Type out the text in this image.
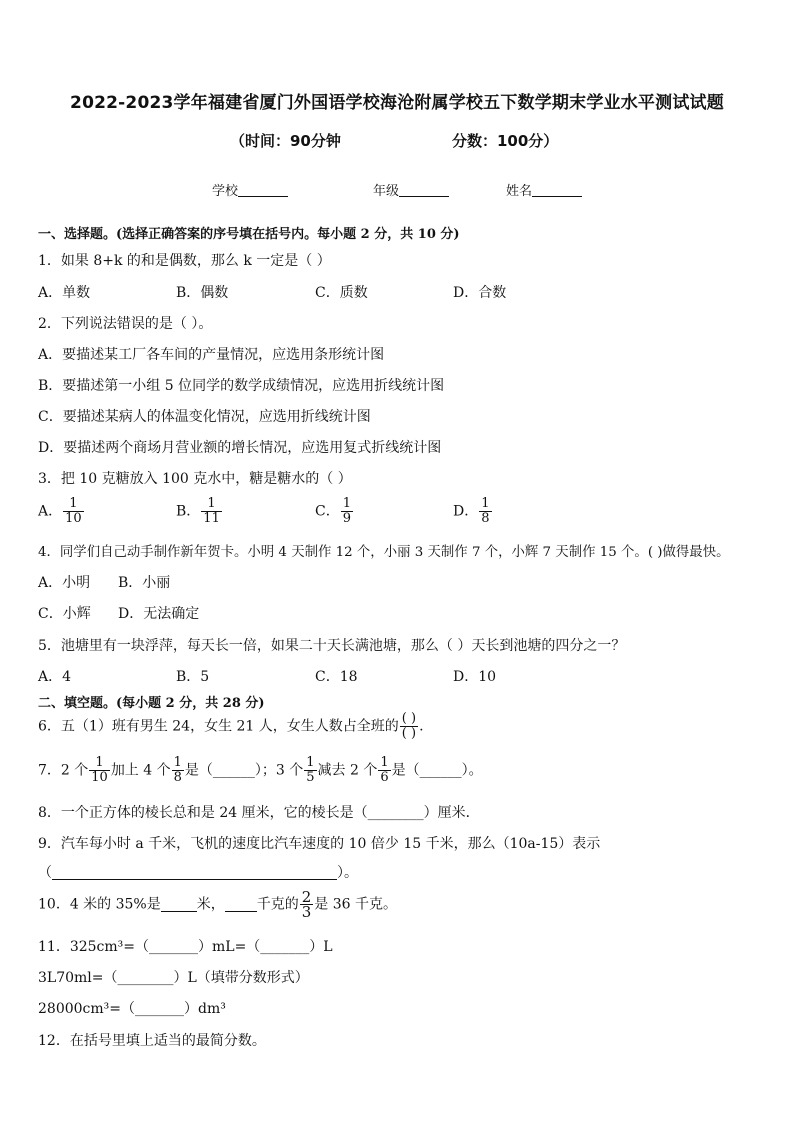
2022-2023学年福建省厦门外国语学校海沧附属学校五下数学期末学业水平测试试题
（时间：90分钟	分数：100分）
学校	年级	姓名
一、选择题。(选择正确答案的序号填在括号内。每小题 2 分，共 10 分)
1．如果 8+k 的和是偶数，那么 k 一定是（ ）
A．单数	B．偶数	C．质数	D．合数
2．下列说法错误的是（ ）。
A．要描述某工厂各车间的产量情况，应选用条形统计图
B．要描述第一小组 5 位同学的数学成绩情况，应选用折线统计图
C．要描述某病人的体温变化情况，应选用折线统计图
D．要描述两个商场月营业额的增长情况，应选用复式折线统计图
3．把 10 克糖放入 100 克水中，糖是糖水的（ ）
A． $\frac{1}{10}$	B． $\frac{1}{11}$	C． $\frac{1}{9}$	D． $\frac{1}{8}$
4．同学们自己动手制作新年贺卡。小明 4 天制作 12 个，小丽 3 天制作 7 个，小辉 7 天制作 15 个。( )做得最快。
A．小明 B．小丽
C．小辉 D．无法确定
5．池塘里有一块浮萍，每天长一倍，如果二十天长满池塘，那么（ ）天长到池塘的四分之一？
A．4	B．5	C．18	D．10
二、填空题。(每小题 2 分，共 28 分)
6．五（1）班有男生 24，女生 21 人，女生人数占全班的 $\frac{( )}{( )}$ .
7．2 个 $\frac{1}{10}$ 加上 4 个 $\frac{1}{8}$ 是（______）；3 个 $\frac{1}{5}$ 减去 2 个 $\frac{1}{6}$ 是（______）。
8．一个正方体的棱长总和是 24 厘米，它的棱长是（________）厘米．
9．汽车每小时 a 千米，飞机的速度比汽车速度的 10 倍少 15 千米，那么（10a-15）表示
（	）。
10．4 米的 35%是	米， 千克的 $\frac{2}{3}$ 是 36 千克。
11．325cm³=（_______）mL=（_______）L
3L70ml=（________）L（填带分数形式）
28000cm³=（_______）dm³
12．在括号里填上适当的最简分数。
